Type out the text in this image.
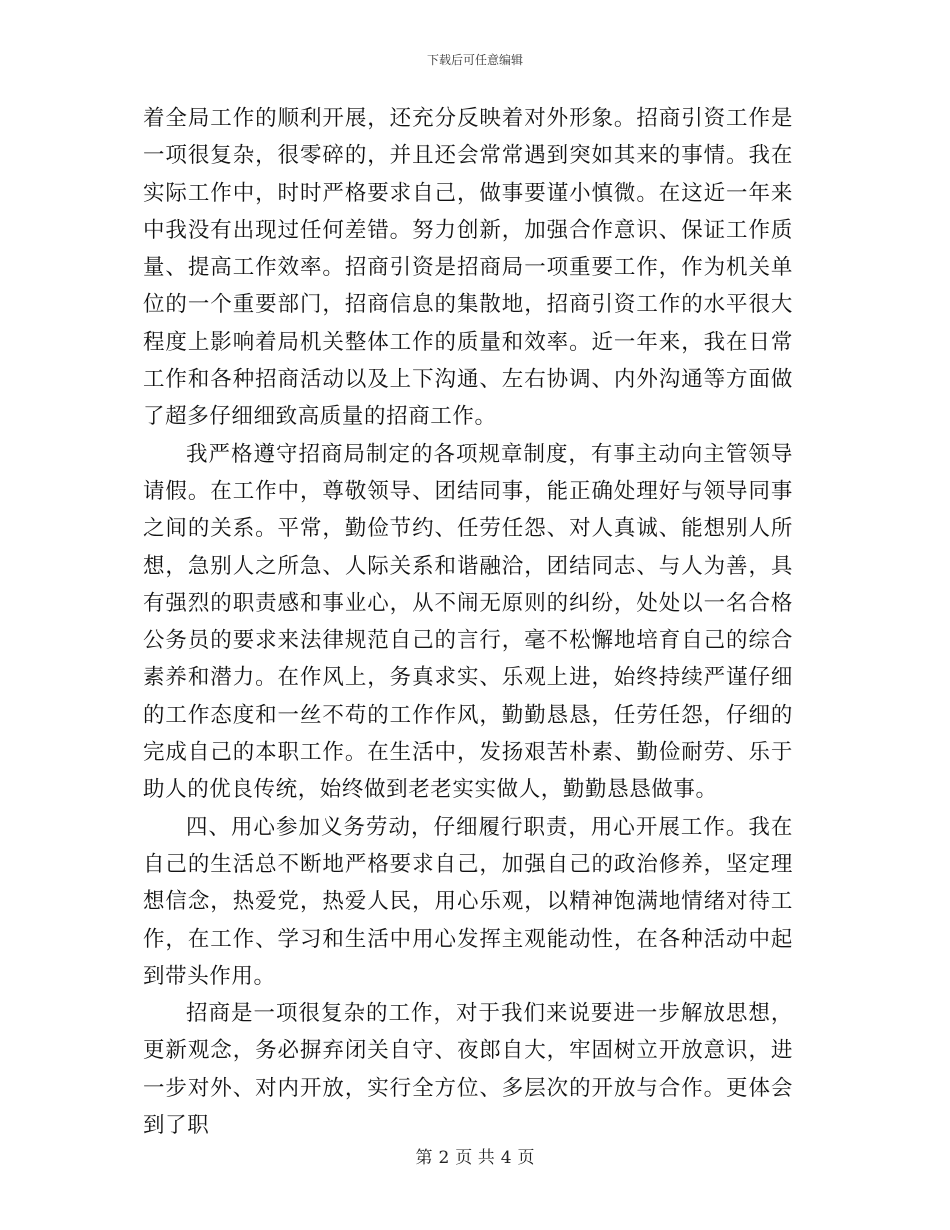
下载后可任意编辑

着全局工作的顺利开展，还充分反映着对外形象。招商引资工作是一项很复杂，很零碎的，并且还会常常遇到突如其来的事情。我在实际工作中，时时严格要求自己，做事要谨小慎微。在这近一年来中我没有出现过任何差错。努力创新，加强合作意识、保证工作质量、提高工作效率。招商引资是招商局一项重要工作，作为机关单位的一个重要部门，招商信息的集散地，招商引资工作的水平很大程度上影响着局机关整体工作的质量和效率。近一年来，我在日常工作和各种招商活动以及上下沟通、左右协调、内外沟通等方面做了超多仔细细致高质量的招商工作。

我严格遵守招商局制定的各项规章制度，有事主动向主管领导请假。在工作中，尊敬领导、团结同事，能正确处理好与领导同事之间的关系。平常，勤俭节约、任劳任怨、对人真诚、能想别人所想，急别人之所急、人际关系和谐融洽，团结同志、与人为善，具有强烈的职责感和事业心，从不闹无原则的纠纷，处处以一名合格公务员的要求来法律规范自己的言行，毫不松懈地培育自己的综合素养和潜力。在作风上，务真求实、乐观上进，始终持续严谨仔细的工作态度和一丝不苟的工作作风，勤勤恳恳，任劳任怨，仔细的完成自己的本职工作。在生活中，发扬艰苦朴素、勤俭耐劳、乐于助人的优良传统，始终做到老老实实做人，勤勤恳恳做事。

四、用心参加义务劳动，仔细履行职责，用心开展工作。我在自己的生活总不断地严格要求自己，加强自己的政治修养，坚定理想信念，热爱党，热爱人民，用心乐观，以精神饱满地情绪对待工作，在工作、学习和生活中用心发挥主观能动性，在各种活动中起到带头作用。

招商是一项很复杂的工作，对于我们来说要进一步解放思想，更新观念，务必摒弃闭关自守、夜郎自大，牢固树立开放意识，进一步对外、对内开放，实行全方位、多层次的开放与合作。更体会到了职

第 2 页 共 4 页
